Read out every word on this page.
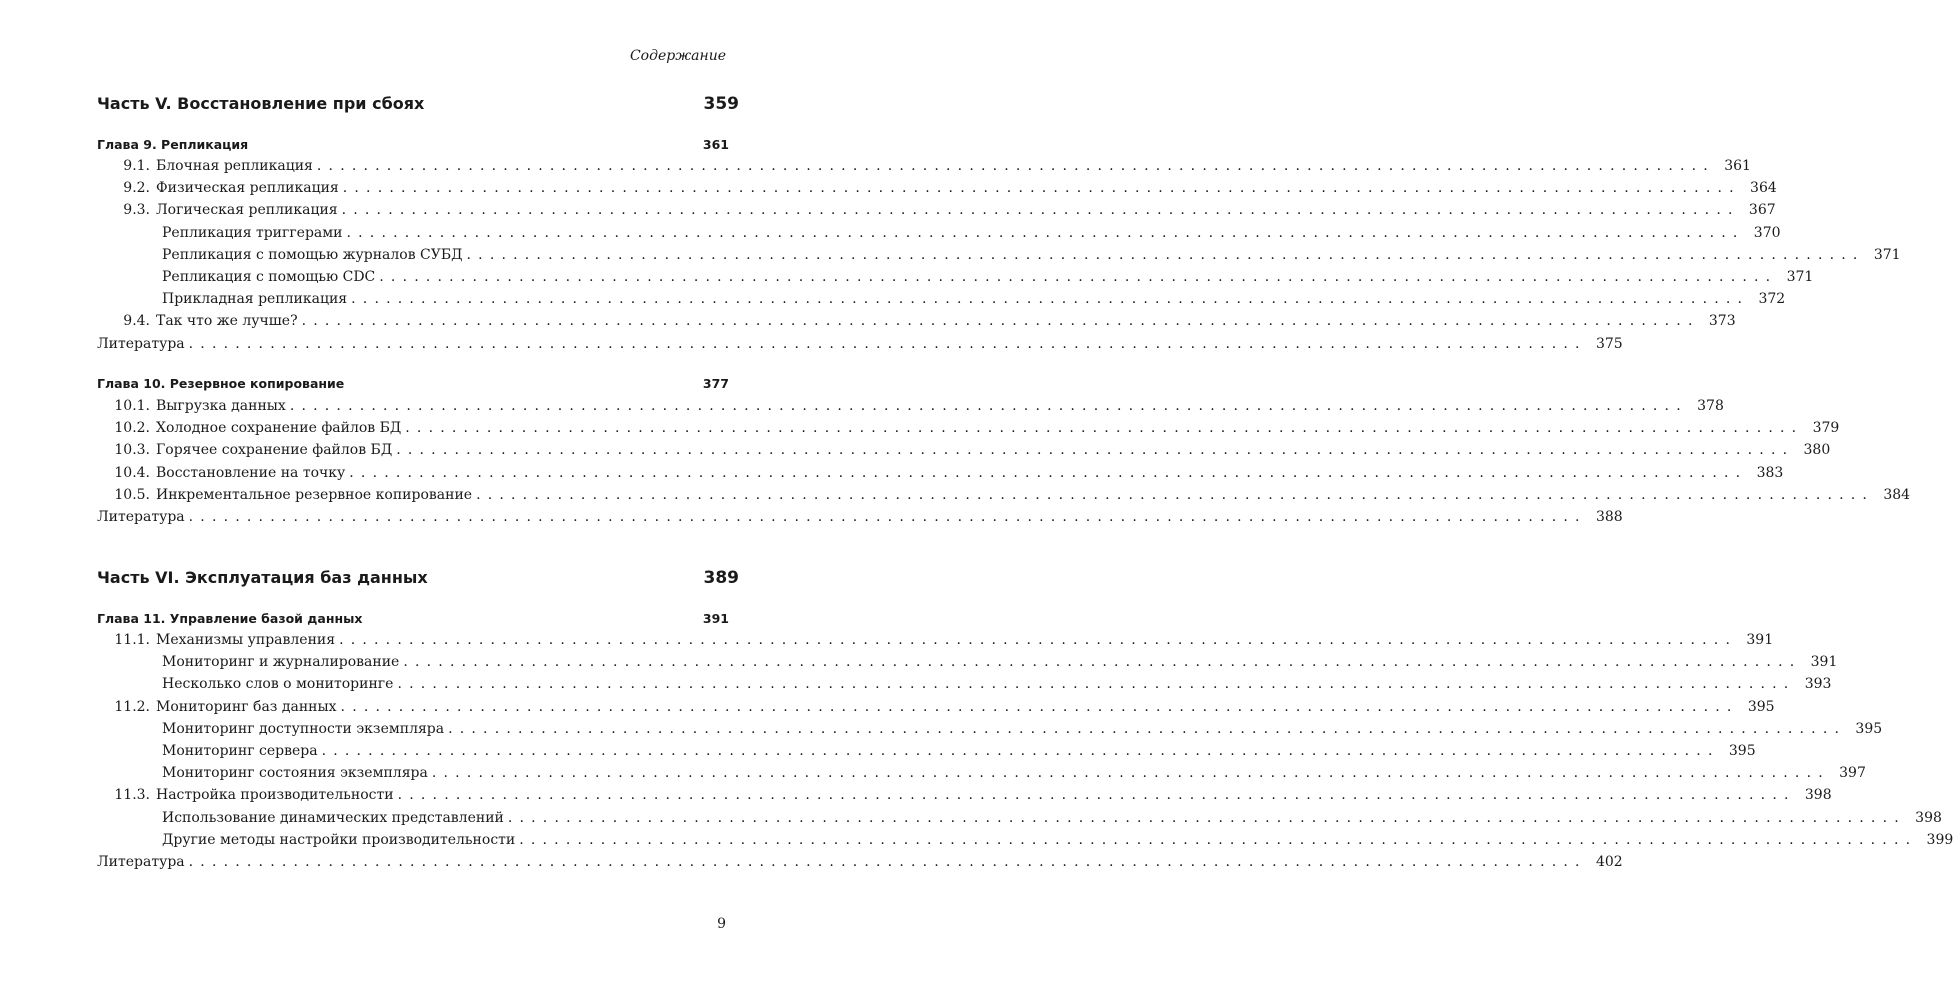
Содержание
Часть V. Восстановление при сбоях	359
Глава 9. Репликация	361
9.1. Блочная репликация ........................................................................................................................ 361
9.2. Физическая репликация ........................................................................................................................ 364
9.3. Логическая репликация ........................................................................................................................ 367
Репликация триггерами ........................................................................................................................ 370
Репликация с помощью журналов СУБД ........................................................................................................................ 371
Репликация с помощью CDC ........................................................................................................................ 371
Прикладная репликация ........................................................................................................................ 372
9.4. Так что же лучше? ........................................................................................................................ 373
Литература ........................................................................................................................ 375
Глава 10. Резервное копирование	377
10.1. Выгрузка данных ........................................................................................................................ 378
10.2. Холодное сохранение файлов БД ........................................................................................................................ 379
10.3. Горячее сохранение файлов БД ........................................................................................................................ 380
10.4. Восстановление на точку ........................................................................................................................ 383
10.5. Инкрементальное резервное копирование ........................................................................................................................ 384
Литература ........................................................................................................................ 388
Часть VI. Эксплуатация баз данных	389
Глава 11. Управление базой данных	391
11.1. Механизмы управления ........................................................................................................................ 391
Мониторинг и журналирование ........................................................................................................................ 391
Несколько слов о мониторинге ........................................................................................................................ 393
11.2. Мониторинг баз данных ........................................................................................................................ 395
Мониторинг доступности экземпляра ........................................................................................................................ 395
Мониторинг сервера ........................................................................................................................ 395
Мониторинг состояния экземпляра ........................................................................................................................ 397
11.3. Настройка производительности ........................................................................................................................ 398
Использование динамических представлений ........................................................................................................................ 398
Другие методы настройки производительности ........................................................................................................................ 399
Литература ........................................................................................................................ 402
9
